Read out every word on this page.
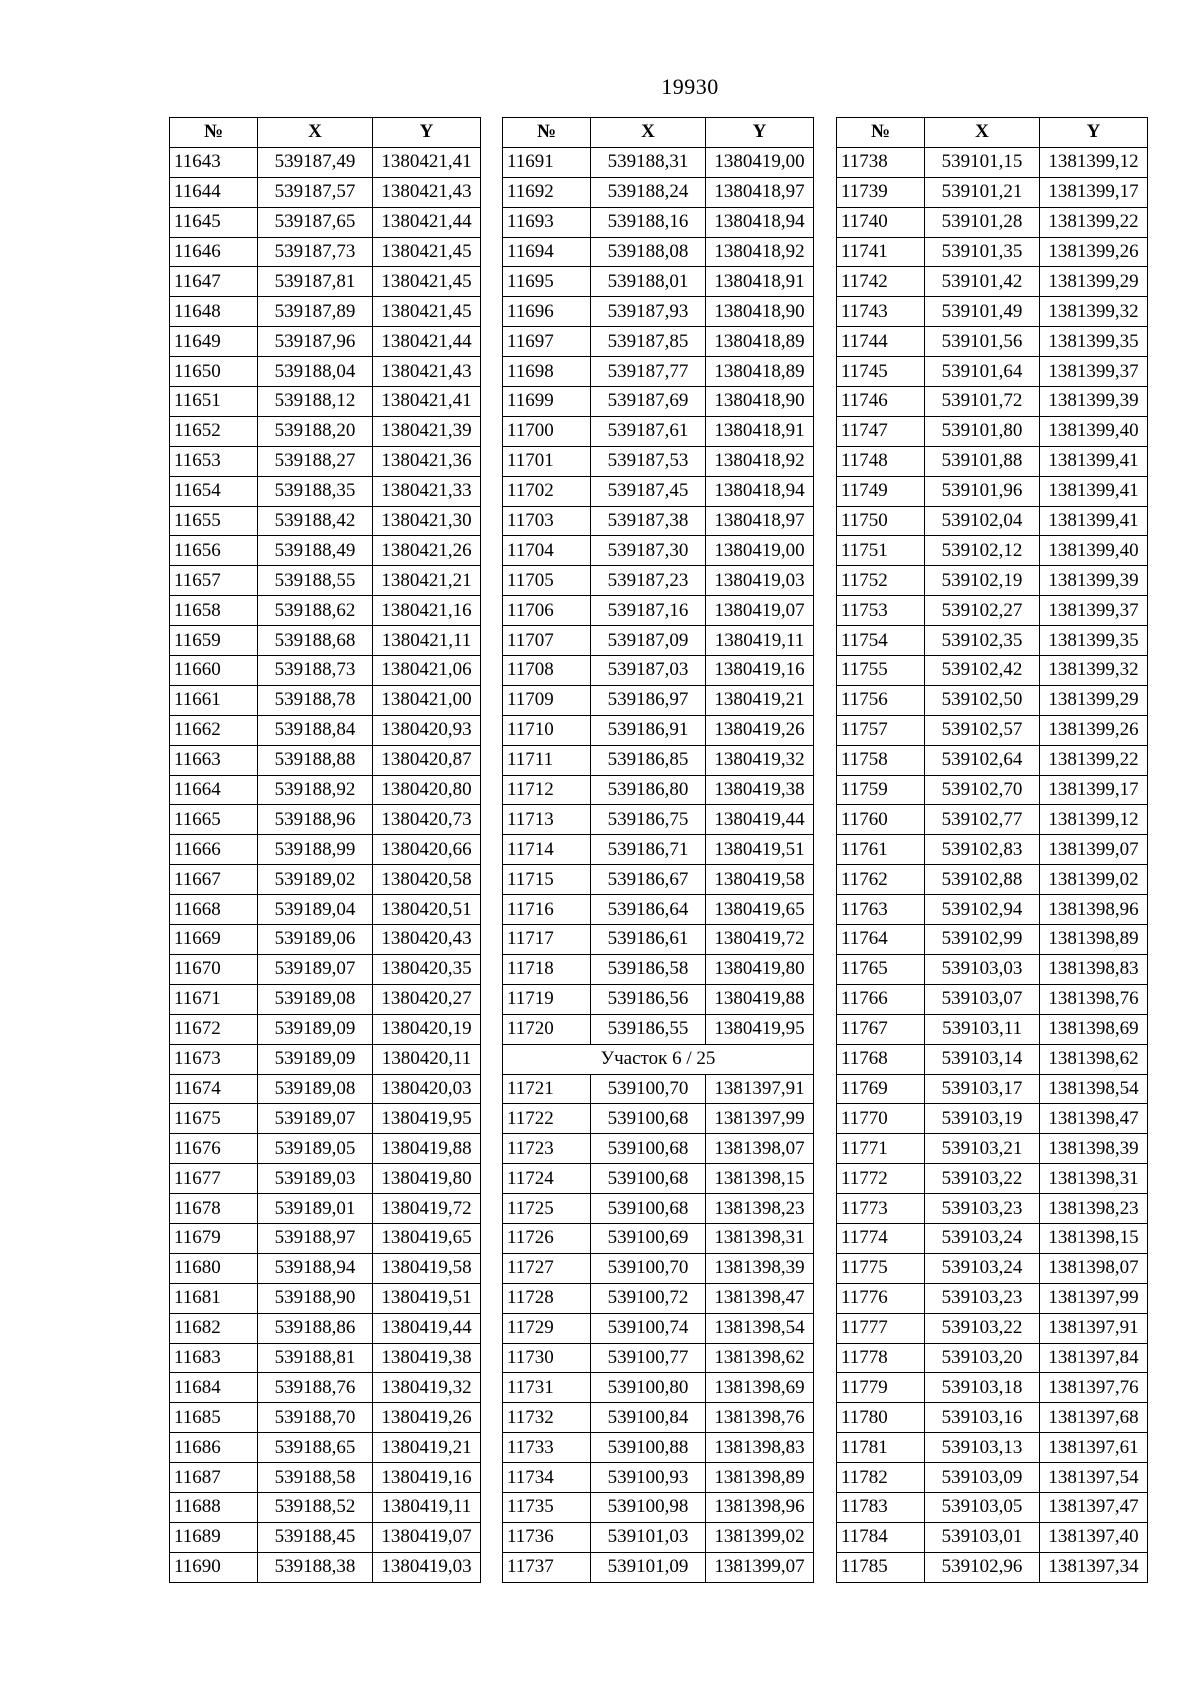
19930
№	X	Y
11643	539187,49	1380421,41
11644	539187,57	1380421,43
11645	539187,65	1380421,44
11646	539187,73	1380421,45
11647	539187,81	1380421,45
11648	539187,89	1380421,45
11649	539187,96	1380421,44
11650	539188,04	1380421,43
11651	539188,12	1380421,41
11652	539188,20	1380421,39
11653	539188,27	1380421,36
11654	539188,35	1380421,33
11655	539188,42	1380421,30
11656	539188,49	1380421,26
11657	539188,55	1380421,21
11658	539188,62	1380421,16
11659	539188,68	1380421,11
11660	539188,73	1380421,06
11661	539188,78	1380421,00
11662	539188,84	1380420,93
11663	539188,88	1380420,87
11664	539188,92	1380420,80
11665	539188,96	1380420,73
11666	539188,99	1380420,66
11667	539189,02	1380420,58
11668	539189,04	1380420,51
11669	539189,06	1380420,43
11670	539189,07	1380420,35
11671	539189,08	1380420,27
11672	539189,09	1380420,19
11673	539189,09	1380420,11
11674	539189,08	1380420,03
11675	539189,07	1380419,95
11676	539189,05	1380419,88
11677	539189,03	1380419,80
11678	539189,01	1380419,72
11679	539188,97	1380419,65
11680	539188,94	1380419,58
11681	539188,90	1380419,51
11682	539188,86	1380419,44
11683	539188,81	1380419,38
11684	539188,76	1380419,32
11685	539188,70	1380419,26
11686	539188,65	1380419,21
11687	539188,58	1380419,16
11688	539188,52	1380419,11
11689	539188,45	1380419,07
11690	539188,38	1380419,03
№	X	Y
11691	539188,31	1380419,00
11692	539188,24	1380418,97
11693	539188,16	1380418,94
11694	539188,08	1380418,92
11695	539188,01	1380418,91
11696	539187,93	1380418,90
11697	539187,85	1380418,89
11698	539187,77	1380418,89
11699	539187,69	1380418,90
11700	539187,61	1380418,91
11701	539187,53	1380418,92
11702	539187,45	1380418,94
11703	539187,38	1380418,97
11704	539187,30	1380419,00
11705	539187,23	1380419,03
11706	539187,16	1380419,07
11707	539187,09	1380419,11
11708	539187,03	1380419,16
11709	539186,97	1380419,21
11710	539186,91	1380419,26
11711	539186,85	1380419,32
11712	539186,80	1380419,38
11713	539186,75	1380419,44
11714	539186,71	1380419,51
11715	539186,67	1380419,58
11716	539186,64	1380419,65
11717	539186,61	1380419,72
11718	539186,58	1380419,80
11719	539186,56	1380419,88
11720	539186,55	1380419,95
Участок 6 / 25		
11721	539100,70	1381397,91
11722	539100,68	1381397,99
11723	539100,68	1381398,07
11724	539100,68	1381398,15
11725	539100,68	1381398,23
11726	539100,69	1381398,31
11727	539100,70	1381398,39
11728	539100,72	1381398,47
11729	539100,74	1381398,54
11730	539100,77	1381398,62
11731	539100,80	1381398,69
11732	539100,84	1381398,76
11733	539100,88	1381398,83
11734	539100,93	1381398,89
11735	539100,98	1381398,96
11736	539101,03	1381399,02
11737	539101,09	1381399,07
№	X	Y
11738	539101,15	1381399,12
11739	539101,21	1381399,17
11740	539101,28	1381399,22
11741	539101,35	1381399,26
11742	539101,42	1381399,29
11743	539101,49	1381399,32
11744	539101,56	1381399,35
11745	539101,64	1381399,37
11746	539101,72	1381399,39
11747	539101,80	1381399,40
11748	539101,88	1381399,41
11749	539101,96	1381399,41
11750	539102,04	1381399,41
11751	539102,12	1381399,40
11752	539102,19	1381399,39
11753	539102,27	1381399,37
11754	539102,35	1381399,35
11755	539102,42	1381399,32
11756	539102,50	1381399,29
11757	539102,57	1381399,26
11758	539102,64	1381399,22
11759	539102,70	1381399,17
11760	539102,77	1381399,12
11761	539102,83	1381399,07
11762	539102,88	1381399,02
11763	539102,94	1381398,96
11764	539102,99	1381398,89
11765	539103,03	1381398,83
11766	539103,07	1381398,76
11767	539103,11	1381398,69
11768	539103,14	1381398,62
11769	539103,17	1381398,54
11770	539103,19	1381398,47
11771	539103,21	1381398,39
11772	539103,22	1381398,31
11773	539103,23	1381398,23
11774	539103,24	1381398,15
11775	539103,24	1381398,07
11776	539103,23	1381397,99
11777	539103,22	1381397,91
11778	539103,20	1381397,84
11779	539103,18	1381397,76
11780	539103,16	1381397,68
11781	539103,13	1381397,61
11782	539103,09	1381397,54
11783	539103,05	1381397,47
11784	539103,01	1381397,40
11785	539102,96	1381397,34
